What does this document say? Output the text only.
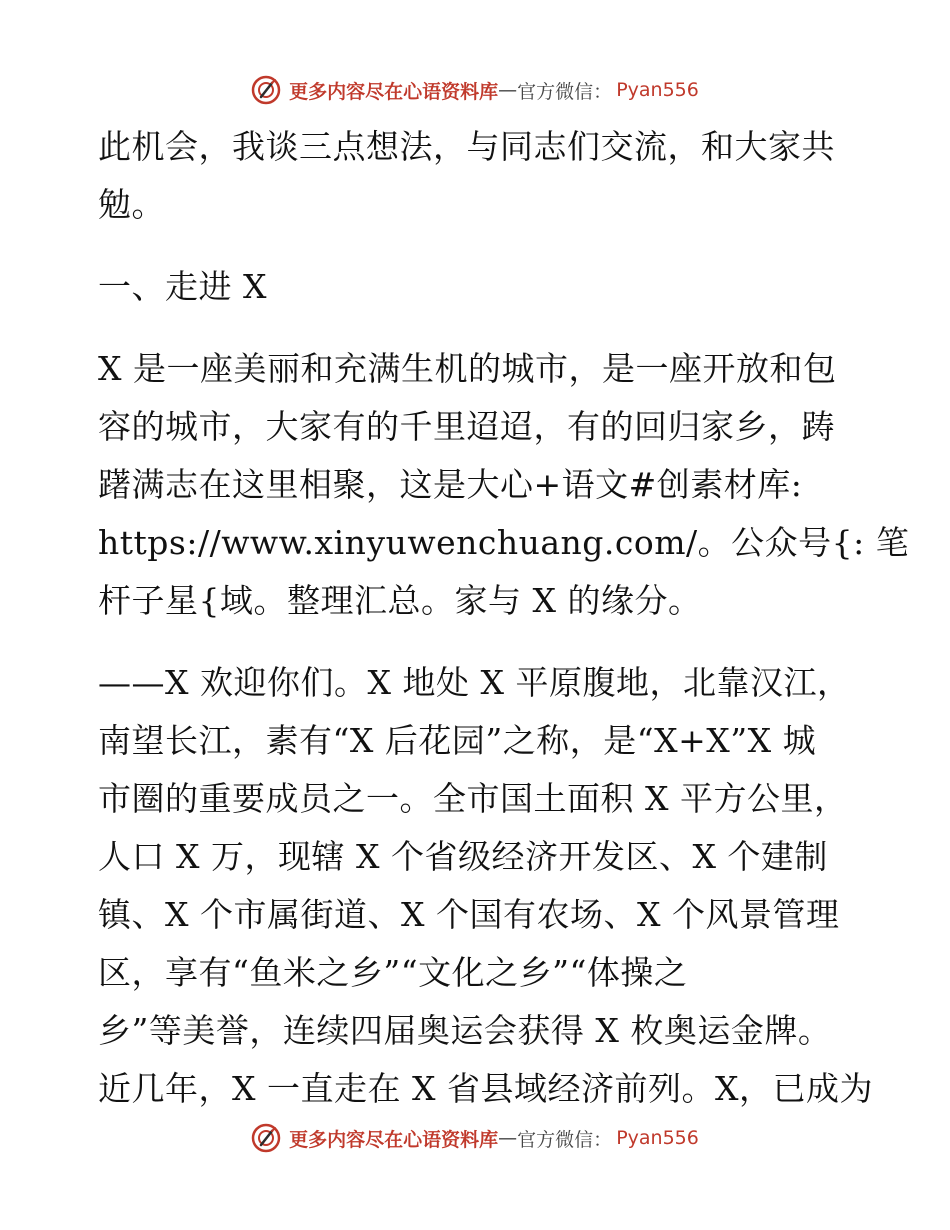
更多内容尽在心语资料库 — 官方微信： Pyan556
此机会，我谈三点想法，与同志们交流，和大家共
勉。
一、走进 X
X 是一座美丽和充满生机的城市，是一座开放和包
容的城市，大家有的千里迢迢，有的回归家乡，踌
躇满志在这里相聚，这是大心+语文#创素材库:
https://www.xinyuwenchuang.com/。公众号{: 笔
杆子星{域。整理汇总。家与 X 的缘分。
——X 欢迎你们。X 地处 X 平原腹地，北靠汉江，
南望长江，素有“X 后花园”之称，是“X+X”X 城
市圈的重要成员之一。全市国土面积 X 平方公里，
人口 X 万，现辖 X 个省级经济开发区、X 个建制
镇、X 个市属街道、X 个国有农场、X 个风景管理
区，享有“鱼米之乡”“文化之乡”“体操之
乡”等美誉，连续四届奥运会获得 X 枚奥运金牌。
近几年，X 一直走在 X 省县域经济前列。X，已成为
更多内容尽在心语资料库 — 官方微信： Pyan556
